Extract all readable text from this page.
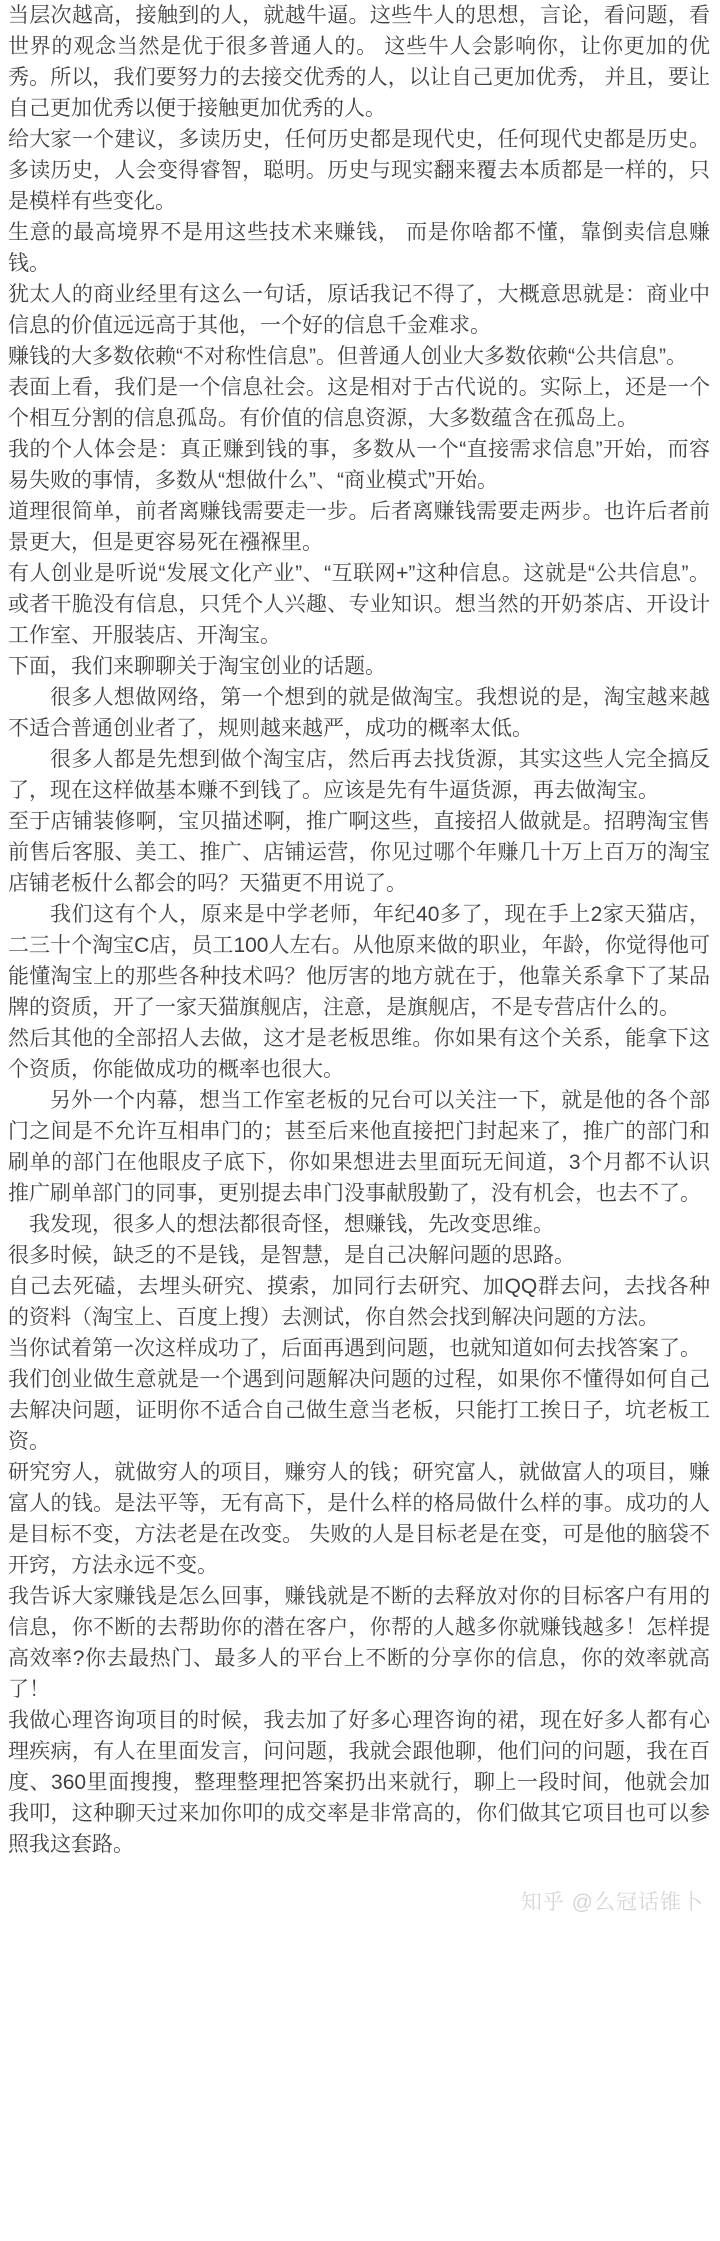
当层次越高，接触到的人，就越牛逼。这些牛人的思想，言论，看问题，看世界的观念当然是优于很多普通人的。 这些牛人会影响你，让你更加的优秀。所以，我们要努力的去接交优秀的人，以让自己更加优秀， 并且，要让自己更加优秀以便于接触更加优秀的人。

给大家一个建议，多读历史，任何历史都是现代史，任何现代史都是历史。多读历史，人会变得睿智，聪明。历史与现实翻来覆去本质都是一样的，只是模样有些变化。

生意的最高境界不是用这些技术来赚钱， 而是你啥都不懂，靠倒卖信息赚钱。

犹太人的商业经里有这么一句话，原话我记不得了，大概意思就是：商业中信息的价值远远高于其他，一个好的信息千金难求。

赚钱的大多数依赖“不对称性信息”。但普通人创业大多数依赖“公共信息”。

表面上看，我们是一个信息社会。这是相对于古代说的。实际上，还是一个个相互分割的信息孤岛。有价值的信息资源，大多数蕴含在孤岛上。

我的个人体会是：真正赚到钱的事，多数从一个“直接需求信息”开始，而容易失败的事情，多数从“想做什么”、“商业模式”开始。

道理很简单，前者离赚钱需要走一步。后者离赚钱需要走两步。也许后者前景更大，但是更容易死在襁褓里。

有人创业是听说“发展文化产业”、“互联网+”这种信息。这就是“公共信息”。或者干脆没有信息，只凭个人兴趣、专业知识。想当然的开奶茶店、开设计工作室、开服装店、开淘宝。

下面，我们来聊聊关于淘宝创业的话题。

很多人想做网络，第一个想到的就是做淘宝。我想说的是，淘宝越来越不适合普通创业者了，规则越来越严，成功的概率太低。

很多人都是先想到做个淘宝店，然后再去找货源，其实这些人完全搞反了，现在这样做基本赚不到钱了。应该是先有牛逼货源，再去做淘宝。

至于店铺装修啊，宝贝描述啊，推广啊这些，直接招人做就是。招聘淘宝售前售后客服、美工、推广、店铺运营，你见过哪个年赚几十万上百万的淘宝店铺老板什么都会的吗？天猫更不用说了。

我们这有个人，原来是中学老师，年纪40多了，现在手上2家天猫店，二三十个淘宝C店，员工100人左右。从他原来做的职业，年龄，你觉得他可能懂淘宝上的那些各种技术吗？他厉害的地方就在于，他靠关系拿下了某品牌的资质，开了一家天猫旗舰店，注意，是旗舰店，不是专营店什么的。

然后其他的全部招人去做，这才是老板思维。你如果有这个关系，能拿下这个资质，你能做成功的概率也很大。

另外一个内幕，想当工作室老板的兄台可以关注一下，就是他的各个部门之间是不允许互相串门的；甚至后来他直接把门封起来了，推广的部门和刷单的部门在他眼皮子底下，你如果想进去里面玩无间道，3个月都不认识推广刷单部门的同事，更别提去串门没事献殷勤了，没有机会，也去不了。

我发现，很多人的想法都很奇怪，想赚钱，先改变思维。

很多时候，缺乏的不是钱，是智慧，是自己决解问题的思路。

自己去死磕，去埋头研究、摸索，加同行去研究、加QQ群去问，去找各种的资料（淘宝上、百度上搜）去测试，你自然会找到解决问题的方法。

当你试着第一次这样成功了，后面再遇到问题，也就知道如何去找答案了。

我们创业做生意就是一个遇到问题解决问题的过程，如果你不懂得如何自己去解决问题，证明你不适合自己做生意当老板，只能打工挨日子，坑老板工资。

研究穷人，就做穷人的项目，赚穷人的钱；研究富人，就做富人的项目，赚富人的钱。是法平等，无有高下，是什么样的格局做什么样的事。成功的人是目标不变，方法老是在改变。 失败的人是目标老是在变，可是他的脑袋不开窍，方法永远不变。

我告诉大家赚钱是怎么回事，赚钱就是不断的去释放对你的目标客户有用的信息，你不断的去帮助你的潜在客户，你帮的人越多你就赚钱越多！怎样提高效率?你去最热门、最多人的平台上不断的分享你的信息，你的效率就高了！

我做心理咨询项目的时候，我去加了好多心理咨询的裙，现在好多人都有心理疾病，有人在里面发言，问问题，我就会跟他聊，他们问的问题，我在百度、360里面搜搜，整理整理把答案扔出来就行，聊上一段时间，他就会加我叩，这种聊天过来加你叩的成交率是非常高的，你们做其它项目也可以参照我这套路。

知乎 @么冠话锥卜
